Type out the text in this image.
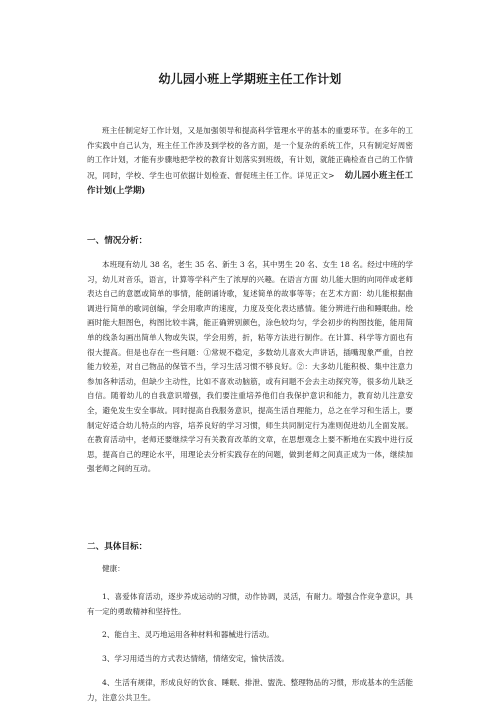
幼儿园小班上学期班主任工作计划

班主任制定好工作计划，又是加强领导和提高科学管理水平的基本的重要环节。在多年的工作实践中自己认为，班主任工作涉及到学校的各方面，是一个复杂的系统工作，只有制定好周密的工作计划，才能有步骤地把学校的教育计划落实到班级，有计划，就能正确检查自己的工作情况，同时，学校、学生也可依据计划检查、督促班主任工作。详见正文> 幼儿园小班主任工作计划(上学期)

一、情况分析：

本班现有幼儿 38 名，老生 35 名、新生 3 名，其中男生 20 名、女生 18 名。经过中班的学习，幼儿对音乐，语言，计算等学科产生了浓厚的兴趣。在语言方面 幼儿能大胆的向同伴或老师表达自己的意愿或简单的事情，能朗诵诗歌，复述简单的故事等等；在艺术方面：幼儿能根据曲调进行简单的歌词创编，学会用歌声的速度，力度及变化表达感情。能分辨进行曲和睡眠曲。绘画时能大胆图色，构图比较丰满，能正确辨别颜色，涂色较均匀，学会初步的构图技能，能用简单的线条勾画出简单人物或失误，学会用剪，折，粘等方法进行制作。在计算、科学等方面也有很大提高。但是也存在一些问题：①常规不稳定，多数幼儿喜欢大声讲话，插嘴现象严重，自控能力较差，对自己物品的保管不当，学习生活习惯不够良好。②：大多幼儿能积极、集中注意力参加各种活动，但缺少主动性，比如不喜欢动脑筋，或有问题不会去主动探究等，很多幼儿缺乏自信。随着幼儿的自我意识增强，我们要注重培养他们自我保护意识和能力，教育幼儿注意安全，避免发生安全事故。同时提高自我服务意识，提高生活自理能力，总之在学习和生活上，要制定好适合幼儿特点的内容，培养良好的学习习惯，师生共同制定行为准则促进幼儿全面发展。在教育活动中，老师还要继续学习有关教育改革的文章，在思想观念上要不断地在实践中进行反思，提高自己的理论水平，用理论去分析实践存在的问题，做到老师之间真正成为一体，继续加强老师之间的互动。

二、具体目标：

健康：

1、喜爱体育活动，逐步养成运动的习惯，动作协调，灵活，有耐力。增强合作竞争意识，具有一定的勇敢精神和坚持性。

2、能自主、灵巧地运用各种材料和器械进行活动。

3、学习用适当的方式表达情绪，情绪安定，愉快活泼。

4、生活有规律，形成良好的饮食、睡眠、排泄、盥洗、整理物品的习惯，形成基本的生活能力，注意公共卫生。
